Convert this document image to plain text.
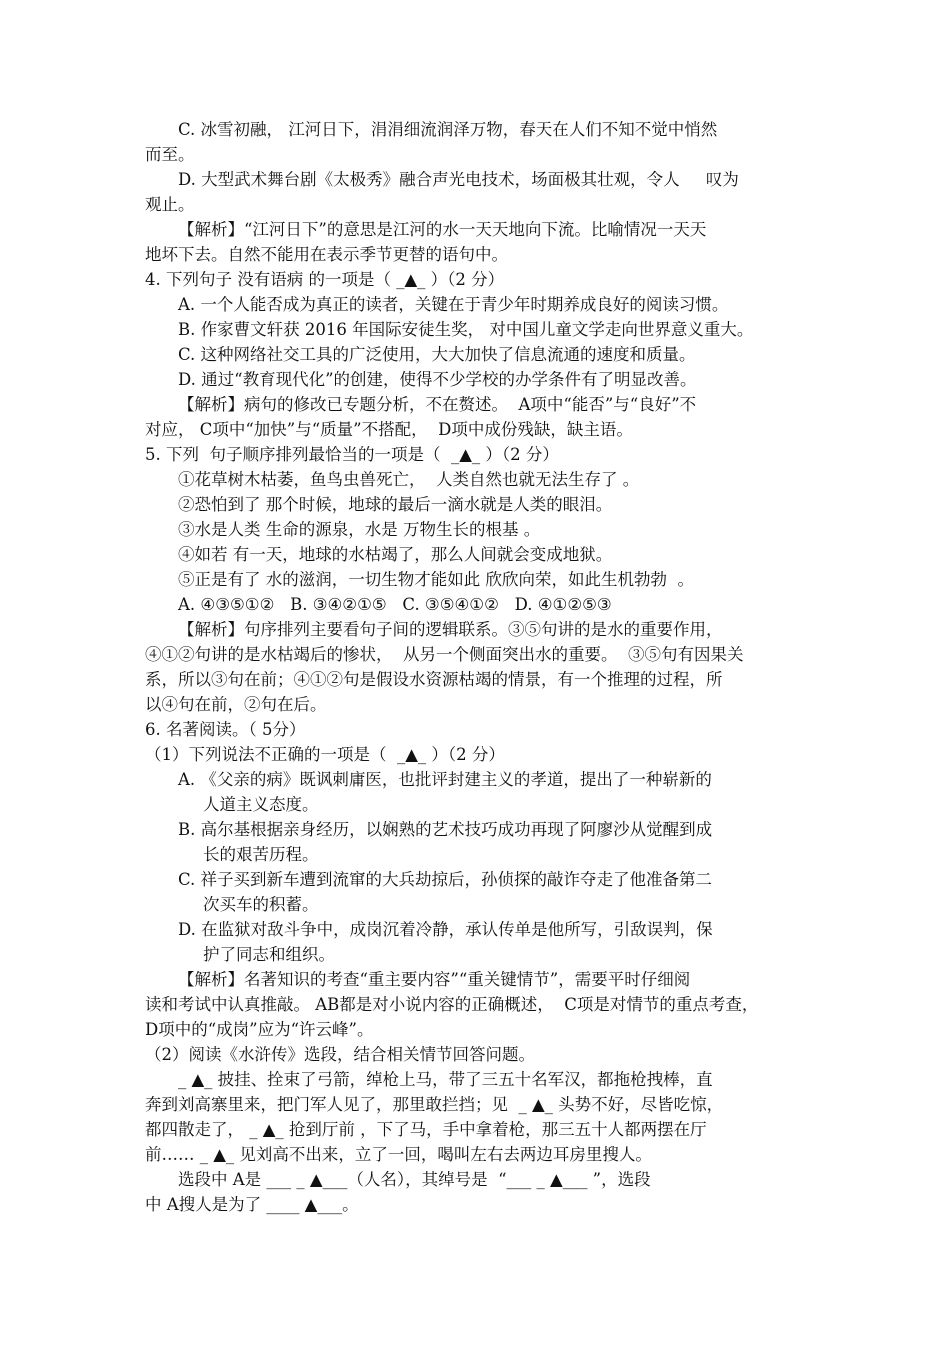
C. 冰雪初融， 江河日下，涓涓细流润泽万物，春天在人们不知不觉中悄然
而至。
D. 大型武术舞台剧《太极秀》融合声光电技术，场面极其壮观，令人     叹为
观止。
【解析】“江河日下”的意思是江河的水一天天地向下流。比喻情况一天天
地坏下去。自然不能用在表示季节更替的语句中。
4. 下列句子 没有语病 的一项是（ _▲_ ）（2 分）
A. 一个人能否成为真正的读者，关键在于青少年时期养成良好的阅读习惯。
B. 作家曹文轩获 2016 年国际安徒生奖， 对中国儿童文学走向世界意义重大。
C. 这种网络社交工具的广泛使用，大大加快了信息流通的速度和质量。
D. 通过“教育现代化”的创建，使得不少学校的办学条件有了明显改善。
【解析】病句的修改已专题分析，不在赘述。  A项中“能否”与“良好”不
对应， C项中“加快”与“质量”不搭配，  D项中成份残缺，缺主语。
5. 下列  句子顺序排列最恰当的一项是（  _▲_ ）（2 分）
①花草树木枯萎，鱼鸟虫兽死亡，  人类自然也就无法生存了 。
②恐怕到了 那个时候，地球的最后一滴水就是人类的眼泪。
③水是人类 生命的源泉，水是 万物生长的根基 。
④如若 有一天，地球的水枯竭了，那么人间就会变成地狱。
⑤正是有了 水的滋润，一切生物才能如此 欣欣向荣，如此生机勃勃  。
A. ④③⑤①②   B. ③④②①⑤   C. ③⑤④①②   D. ④①②⑤③
【解析】句序排列主要看句子间的逻辑联系。③⑤句讲的是水的重要作用，
④①②句讲的是水枯竭后的惨状，  从另一个侧面突出水的重要。  ③⑤句有因果关
系，所以③句在前；④①②句是假设水资源枯竭的情景，有一个推理的过程，所
以④句在前，②句在后。
6. 名著阅读。（ 5分）
（1）下列说法不正确的一项是（  _▲_ ）（2 分）
A. 《父亲的病》既讽刺庸医，也批评封建主义的孝道，提出了一种崭新的
人道主义态度。
B. 高尔基根据亲身经历，以娴熟的艺术技巧成功再现了阿廖沙从觉醒到成
长的艰苦历程。
C. 祥子买到新车遭到流窜的大兵劫掠后，孙侦探的敲诈夺走了他准备第二
次买车的积蓄。
D. 在监狱对敌斗争中，成岗沉着冷静，承认传单是他所写，引敌误判，保
护了同志和组织。
【解析】名著知识的考查“重主要内容”“重关键情节”，需要平时仔细阅
读和考试中认真推敲。 AB都是对小说内容的正确概述，  C项是对情节的重点考查，
D项中的“成岗”应为“许云峰”。
（2）阅读《水浒传》选段，结合相关情节回答问题。
_ ▲_ 披挂、拴束了弓箭，绰枪上马，带了三五十名军汉，都拖枪拽棒，直
奔到刘高寨里来，把门军人见了，那里敢拦挡；见  _ ▲_ 头势不好，尽皆吃惊，
都四散走了， _ ▲_ 抢到厅前 ，下了马，手中拿着枪，那三五十人都两摆在厅
前…… _ ▲_ 见刘高不出来，立了一回，喝叫左右去两边耳房里搜人。
选段中 A是 ___ _ ▲___（人名），其绰号是  “___ _ ▲___ ”，选段
中 A搜人是为了 ____ ▲___。
